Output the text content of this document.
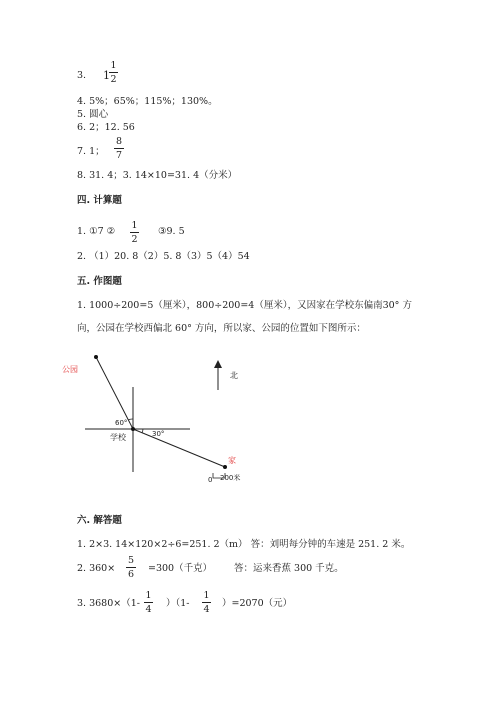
3. 1
1
2
4. 5%；65%；115%；130%。
5. 圆心
6. 2；12. 56
7. 1；
8
7
8. 31. 4；3. 14×10=31. 4（分米）
四. 计算题
1. ①7 ②
1
2
③9. 5
2. （1）20. 8（2）5. 8（3）5（4）54
五. 作图题
1. 1000÷200=5（厘米），800÷200=4（厘米），又因家在学校东偏南30° 方
向，公园在学校西偏北 60° 方向，所以家、公园的位置如下图所示：
北
60°
30°
学校
公园
家
0 200米
六. 解答题
1. 2×3. 14×120×2÷6=251. 2（m） 答：刘明每分钟的车速是 251. 2 米。
2. 360×
5
6
=300（千克） 答：运来香蕉 300 千克。
3. 3680×（1-
1
4
）（1-
1
4
）=2070（元）
